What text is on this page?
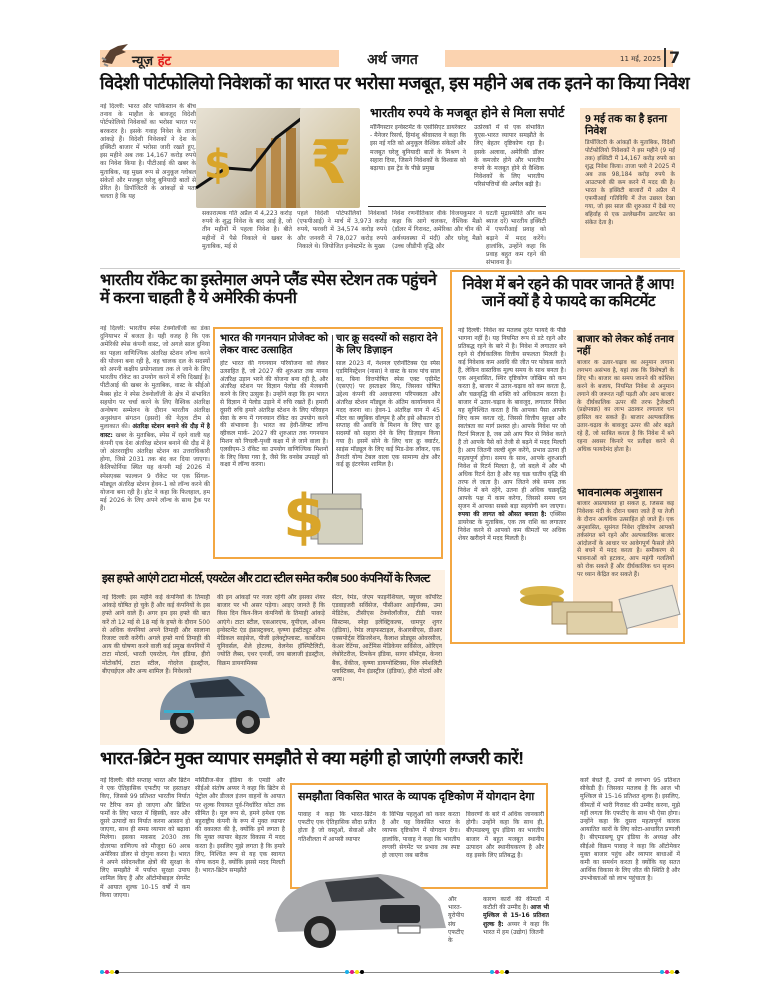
न्यूज़ हंट	अर्थ जगत	11 मई, 2025 7
विदेशी पोर्टफोलियो निवेशकों का भारत पर भरोसा मजबूत, इस महीने अब तक इतने का किया निवेश
नई दिल्ली: भारत और पाकिस्तान के बीच तनाव के माहौल के बावजूद विदेशी पोर्टफोलियो निवेशकों का भरोसा भारत पर बरकरार है। इसके गवाह निवेश के ताजा आंकड़े हैं। विदेशी निवेशकों ने देश के इक्विटी बाजार में भरोसा जारी रखते हुए, इस महीने अब तक 14,167 करोड़ रुपये का निवेश किया है। पीटीआई की खबर के मुताबिक, यह मुख्य रूप से अनुकूल ग्लोबल संकेतों और मजबूत घरेलू बुनियादी बातों से प्रेरित है। डिपॉजिटरी के आंकड़ों से पता चलता है कि यह
$ ₹
भारतीय रुपये के मजबूत होने से मिला सपोर्ट
मॉर्निंगस्टार इन्वेस्टमेंट के एसोसिएट डायरेक्टर - मैनेजर रिसर्च, हिमांशु श्रीवास्तव ने कहा कि इस नई गति को अनुकूल वैश्विक संकेतों और मजबूत घरेलू बुनियादी बातों के मिश्रण ने सहारा दिया, जिसने निवेशकों के विश्वास को बढ़ाया। इस ट्रेंड के पीछे प्रमुख
उत्प्रेरकों में से एक संभावित यूएस-भारत व्यापार समझौते के लिए बेहतर दृष्टिकोण रहा है। इसके अलावा, अमेरिकी डॉलर के कमजोर होने और भारतीय रुपये के मजबूत होने से वैश्विक निवेशकों के लिए भारतीय परिसंपत्तियों की अपील बढ़ी है।
सकारात्मक गति अप्रैल में 4,223 करोड़ रुपये के शुद्ध निवेश के बाद आई है, जो तीन महीनों में पहला निवेश है। बीते महीनों में पैसे निकाले थे खबर के मुताबिक, मई से
पहले विदेशी पोर्टफोलियो निवेशकों (एफपीआई) ने मार्च में 3,973 करोड़ रुपये, फरवरी में 34,574 करोड़ रुपये और जनवरी में 78,027 करोड़ रुपये निकाले थे। जियोजित इन्वेस्टमेंट के मुख्य
निवेश रणनीतिकार वीके विजयकुमार ने कहा कि आगे चलकर, वैश्विक मैक्रो (डॉलर में गिरावट, अमेरिका और चीन की अर्थव्यवस्था में मंदी) और घरेलू मैक्रो (उच्च जीडीपी वृद्धि और
घटती मुद्रास्फीति और कम ब्याज दरें) भारतीय इक्विटी में एफपीआई प्रवाह को बढ़ाने में मदद करेंगे। हालांकि, उन्होंने कहा कि प्रवाह बहुत कम रहने की संभावना है।
9 मई तक का है इतना निवेश
डिपॉजिटरी के आंकड़ों के मुताबिक, विदेशी पोर्टफोलियो निवेशकों ने इस महीने (9 मई तक) इक्विटी में 14,167 करोड़ रुपये का शुद्ध निवेश किया। ताजा फ्लो ने 2025 में अब तक 98,184 करोड़ रुपये के आउटफ्लो की कम करने में मदद की है। भारत के इक्विटी बाजारों में अप्रैल में एफपीआई गतिविधि में तेज उछाल देखा गया, जो इस साल की शुरुआत में देखे गए बहिर्वाह से एक उल्लेखनीय उलटफेर का संकेत देता है।
भारतीय रॉकेट का इस्तेमाल अपने प्लैंड स्पेस स्टेशन तक पहुंचने में करना चाहती है ये अमेरिकी कंपनी
नई दिल्ली: भारतीय स्पेस टेक्नोलॉजी का डंका दुनियाभर में बजता है। यही वजह है कि एक अमेरिकी स्पेस कंपनी वास्ट, जो अगले साल दुनिया का पहला वाणिज्यिक अंतरिक्ष स्टेशन लॉन्च करने की योजना बना रही है, वह चालक दल के सदस्यों को अपनी कक्षीय प्रयोगशाला तक ले जाने के लिए भारतीय रॉकेट का उपयोग करने में रुचि दिखाई है। पीटीआई की खबर के मुताबिक, वास्ट के सीईओ मैक्स होट ने स्पेस टेक्नोलॉजी के क्षेत्र में संभावित सहयोग पर चर्चा करने के लिए वैश्विक अंतरिक्ष अन्वेषण सम्मेलन के दौरान भारतीय अंतरिक्ष अनुसंधान संगठन (इसरो) की नेतृत्व टीम से मुलाकात की। अंतरिक्ष स्टेशन बनाने की दौड़ में है वास्ट: खबर के मुताबिक, स्पेस में रहने वाली यह कंपनी एक देश अंतरिक्ष स्टेशन बनाने की दौड़ में है जो अंतरराष्ट्रीय अंतरिक्ष स्टेशन का उत्तराधिकारी होगा, जिसे 2031 तक बंद कर दिया जाएगा। कैलिफोर्निया स्थित यह कंपनी मई 2026 में स्पेसएक्स फाल्कन 9 रॉकेट पर एक सिंगल-मॉड्यूल अंतरिक्ष स्टेशन हेवन-1 को लॉन्च करने की योजना बना रही है। होट ने कहा कि फिलहाल, हम मई 2026 के लिए अपने लॉन्च के साथ ट्रैक पर हैं।
भारत की गगनयान प्रोजेक्ट को लेकर वास्ट उत्साहित
होट भारत की गगनयान परियोजना को लेकर उत्साहित हैं, जो 2027 की शुरुआत तक मानव अंतरिक्ष उड़ान भरने की योजना बना रही है, और अंतरिक्ष स्टेशन पर विज्ञान पेलोड की मेजबानी करने के लिए उत्सुक है। उन्होंने कहा कि हम भारत से विज्ञान में पेलोड उड़ाने में रुचि रखते हैं। हमारी दूसरी रुचि हमारे अंतरिक्ष स्टेशन के लिए परिवहन सेवा के रूप में गगनयान रॉकेट का उपयोग करने की संभावना है। भारत का हेवी-लिफ्ट लॉन्च व्हीकल मार्क- 2027 की शुरुआत तक गगनयान मिशन को निचली-पृथ्वी कक्षा में ले जाने वाला है। एलवीएम-3 रॉकेट का उपयोग वाणिज्यिक मिशनों के लिए किया गया है, जैसे कि वनवेब उपग्रहों को कक्षा में लॉन्च करना।
चार क्रू सदस्यों को सहारा देने के लिए डिज़ाइन
साल 2023 में, नेशनल एरोनॉटिक्स एंड स्पेस एडमिनिस्ट्रेशन (नासा) ने वास्ट के साथ पांच साल का, बिना वित्तपोषित स्पेस एक्ट एग्रीमेंट (एसएए) पर हस्ताक्षर किए, जिसका घोषित उद्देश्य कंपनी की अवधारणा परिपक्वता और अंतरिक्ष स्टेशन मॉड्यूल के अंतिम कार्यान्वयन में मदद करना था। हेवन-1 अंतरिक्ष यान में 45 मीटर का क्यूबिक वॉल्यूम है और इसे औसतन दो सप्ताह की अवधि के मिशन के लिए चार क्रू सदस्यों को सहारा देने के लिए डिज़ाइन किया गया है। इसमें सोने के लिए चार क्रू क्वार्टर, साइंस मॉड्यूल के लिए कई मिड-डेक लॉकर, एक तैनाती योग्य टेबल वाला एक सामान्य क्षेत्र और कई क्रू इंटरफेस शामिल है।
$
निवेश में बने रहने की पावर जानते हैं आप! जानें क्यों है ये फायदे का कमिटमेंट
नई दिल्ली: निवेश का मतलब तुरंत फायदे के पीछे भागना नहीं है। यह नियमित रूप से डटे रहने और प्रतिबद्ध रहने के बारे में है। निवेश में लगातार बने रहने से दीर्घकालिक वित्तीय सफलता मिलती है। कई निवेशक कम अवधि की जीत पर फोकस करते हैं, लेकिन वास्तविक मूल्य समय के साथ बनता है। एक अनुशासित, स्थिर दृष्टिकोण जोखिम को कम करता है, बाजार में उतार-चढ़ाव को कम करता है, और चक्रवृद्धि की शक्ति को अधिकतम करता है। बाजार में उतार-चढ़ाव के बावजूद, लगातार निवेश यह सुनिश्चित करता है कि आपका पैसा आपके लिए काम करता रहे, जिससे वित्तीय सुरक्षा और स्वतंत्रता का मार्ग प्रशस्त हो। आपके निवेश पर जो रिटर्न मिलता है, जब उसे आप फिर से निवेश करते हैं तो आपके पैसे को तेजी से बढ़ने में मदद मिलती है। आप जितनी जल्दी शुरू करेंगे, प्रभाव उतना ही महत्वपूर्ण होगा। समय के साथ, आपके शुरुआती निवेश से रिटर्न मिलता है, जो बदले में और भी अधिक रिटर्न देता है और यह चक्र घातीय वृद्धि की तरफ ले जाता है। आप जितने लंबे समय तक निवेश में बने रहेंगे, उतना ही अधिक चक्रवृद्धि आपके पक्ष में काम करेगा, जिससे समय धन सृजन में आपका सबसे बड़ा सहयोगी बन जाएगा। रुपया की लागत को औसत बनाता है: एक्सिस डायरेक्ट के मुताबिक, एक तय राशि का लगातार निवेश करने से आपको कम कीमतों पर अधिक शेयर खरीदने में मदद मिलती है।
बाजार को लेकर कोई तनाव नहीं
बाजार के उतार-चढ़ाव का अनुमान लगाना लगभग असंभव है, यहां तक कि विशेषज्ञों के लिए भी। बाजार का समय जानने की कोशिश करने के बजाय, नियमित निवेश से अनुमान लगाने की जरूरत नहीं पड़ती और आप बाजार के दीर्घकालिक ऊपर की तरफ ट्रैजेक्टरी (प्रक्षेपवक्र) का लाभ उठाकर लगातार धन हासिल कर सकते हैं। बाजार अल्पकालिक उतार-चढ़ाव के बावजूद ऊपर की ओर बढ़ते रहे हैं, जो साबित करता है कि निवेश में बने रहना अवसर किनारे पर प्रतीक्षा करने से अधिक फायदेमंद होता है।
भावनात्मक अनुशासन
बाजार अप्रत्याशित हो सकते हैं, जिससे कई निवेशक मंदी के दौरान घबरा जाते हैं या तेजी के दौरान अत्यधिक उत्साहित हो जाते हैं। एक अनुशासित, सुसंगत निवेश दृष्टिकोण आपको तर्कसंगत बने रहने और अल्पकालिक बाजार आंदोलनों के आधार पर आवेगपूर्ण फैसले लेने से बचने में मदद करता है। समीकरण से भावनाओं को हटाकर, आप महंगी गलतियों को रोक सकते हैं और दीर्घकालिक धन सृजन पर ध्यान केंद्रित कर सकते हैं।
इस हफ्ते आएंगे टाटा मोटर्स, एयरटेल और टाटा स्टील समेत करीब 500 कंपनियों के रिजल्ट
नई दिल्ली: इस महीने कई कंपनियों के तिमाही आंकड़े घोषित हो चुके हैं और कई कंपनियों के इस हफ्ते आने वाले हैं। अगर हम इस हफ्ते की बात करें तो 12 मई से 18 मई के हफ्ते के दौरान 500 से अधिक कंपनियां अपने तिमाही और सालाना रिजल्ट जारी करेंगी। अगले हफ्ते मार्च तिमाही की आय की घोषणा करने वाली कई प्रमुख कंपनियों में टाटा मोटर्स, भारती एयरटेल, गेल इंडिया, हीरो मोटोकॉर्प, टाटा स्टील, गोदरेज इंडस्ट्रीज, बीएचईएल और अन्य शामिल हैं। निवेशकों
की इन आंकड़ों पर नजर रहेगी और इसका शेयर बाजार पर भी असर पड़ेगा। आइए जानते हैं कि किस दिन किन-किन कंपनियों के तिमाही आंकड़े आएंगे। टाटा स्टील, एसआरएफ, यूपीएल, ऑथम इन्वेस्टमेंट एंड इंफ्रास्ट्रक्चर, कृष्णा इंस्टीट्यूट ऑफ मेडिकल साइंसेज, पीजी इलेक्ट्रोप्लास्ट, कार्बोरंडम यूनिवर्सल, शैले होटल्स, वेलनेस हॉस्पिटैलिटी, ज्योति लैब्स, एथर एनर्जी, जय बालाजी इंडस्ट्रीज, विक्रम डायनामिक्स
सेंटर, रेमंड, जेएम फाइनेंशियल, फ्यूचर कॉर्पोरेट एडवाइजरी सर्विसेज, पीसीआर आईनॉक्स, उमा मेडिटेक, टीसीएस टेक्नोलॉजीज, टीडी पावर सिस्टम्स, स्नेहा इलेक्ट्रिकल्स, धामपुर शुगर (इंडिया), रेमंड लाइफस्टाइल, केआरबीएस, डीआर एक्सपोर्ट्स रेफ्रिजरेशन, कैलाश प्रोड्यूस ओवरसीज, केअर रेटिंग्स, आर्टेमिस मेडिकेयर सर्विसेज, ओरिएन लेबोरेटरीज, टिमकेन इंडिया, सागर सीमेंट्स, केनरा बैंक, वेंकीज, कृष्णा डायग्नोस्टिक्स, थिरु स्पेशलिटी प्लास्टिक्स, मैन इंडस्ट्रीज (इंडिया), हीरो मोटर्स और अन्य।
भारत-ब्रिटेन मुक्त व्यापार समझौते से क्या महंगी हो जाएंगी लग्जरी कारें!
नई दिल्ली: बीते सप्ताह भारत और ब्रिटेन ने एक ऐतिहासिक एफटीए पर हस्ताक्षर किए, जिससे 99 प्रतिशत भारतीय निर्यात पर टैरिफ कम हो जाएगा और ब्रिटिश फर्मों के लिए भारत में व्हिस्की, कार और दूसरे उत्पादों का निर्यात करना आसान हो जाएगा, साथ ही समग्र व्यापार को बढ़ावा मिलेगा। इसका मकसद 2030 तक दोतरफा वाणिज्य को मौजूदा 60 अरब अमेरिका डॉलर से दोगुना करना है। भारत ने अपने संवेदनशील क्षेत्रों की सुरक्षा के लिए समझौते में पर्याप्त सुरक्षा उपाय शामिल किए हैं और ऑटोमोबाइल सेगमेंट में आयात शुल्क 10-15 वर्षों में कम किया जाएगा।
मर्सिडीज-बेंज इंडिया के एमडी और सीईओ संतोष अय्यर ने कहा कि ब्रिटेन से पेट्रोल और डीजल इंजन वाहनों के आयात पर शुल्क रियायत पूर्व-निर्धारित कोटा तक सीमित है। मूल रूप से, हमने हमेशा एक बहुराष्ट्रीय कंपनी के रूप में मुक्त व्यापार की वकालत की है, क्योंकि हमें लगता है कि मुक्त व्यापार बेहतर विकास में मदद करता है। इसलिए मुझे लगता है कि हमारे लिए, निश्चित रूप से यह एक स्वागत योग्य कदम है, क्योंकि इससे मदद मिलती है। भारत-ब्रिटेन समझौते
समझौता विकसित भारत के व्यापक दृष्टिकोण में योगदान देगा
पावाह ने कहा कि भारत-ब्रिटेन एफटीए एक ऐतिहासिक सौदा प्रतीत होता है जो वस्तुओं, सेवाओं और गतिशीलता में आपसी व्यापार
के विभिन्न पहलुओं को कवर करता है और यह विकसित भारत के व्यापक दृष्टिकोण में योगदान देगा। हालांकि, पावाह ने कहा कि भारतीय लग्जरी सेगमेंट पर प्रभाव तब स्पष्ट हो जाएगा जब बारीक
विवरणों के बारे में अधिक जानकारी होगी। उन्होंने कहा कि साथ ही, बीएमडब्ल्यू ग्रुप इंडिया का भारतीय बाजार में बहुत मजबूत स्थानीय उत्पादन और स्थानीयकरण है और वह इसके लिए प्रतिबद्ध है।
और भारत-यूरोपीय संघ एफटीए के
कारण कारों की कीमतों में कटौती की उम्मीद है। आज भी मुश्किल से 15-16 प्रतिशत शुल्क है: अय्यर ने कहा कि भारत में हम (उद्योग) जितनी
कारें बेचते हैं, उनमें से लगभग 95 प्रतिशत सीकेडी हैं। जिसका मतलब है कि आज भी मुश्किल से 15-16 प्रतिशत शुल्क है। इसलिए, कीमतों में भारी गिरावट की उम्मीद करना, मुझे नहीं लगता कि एफटीए के साथ भी ऐसा होगा। उन्होंने कहा कि दूसरा महत्वपूर्ण कारक आयातित कारों के लिए कोटा-आधारित प्रणाली है। बीएमडब्ल्यू ग्रुप इंडिया के अध्यक्ष और सीईओ विक्रम पावाह ने कहा कि ऑटोमेकर मुक्त बाजार पहुंच और व्यापार बाधाओं में कमी का समर्थन करता है क्योंकि यह सतत आर्थिक विकास के लिए जीत की स्थिति है और उपभोक्ताओं को लाभ पहुंचाता है।
